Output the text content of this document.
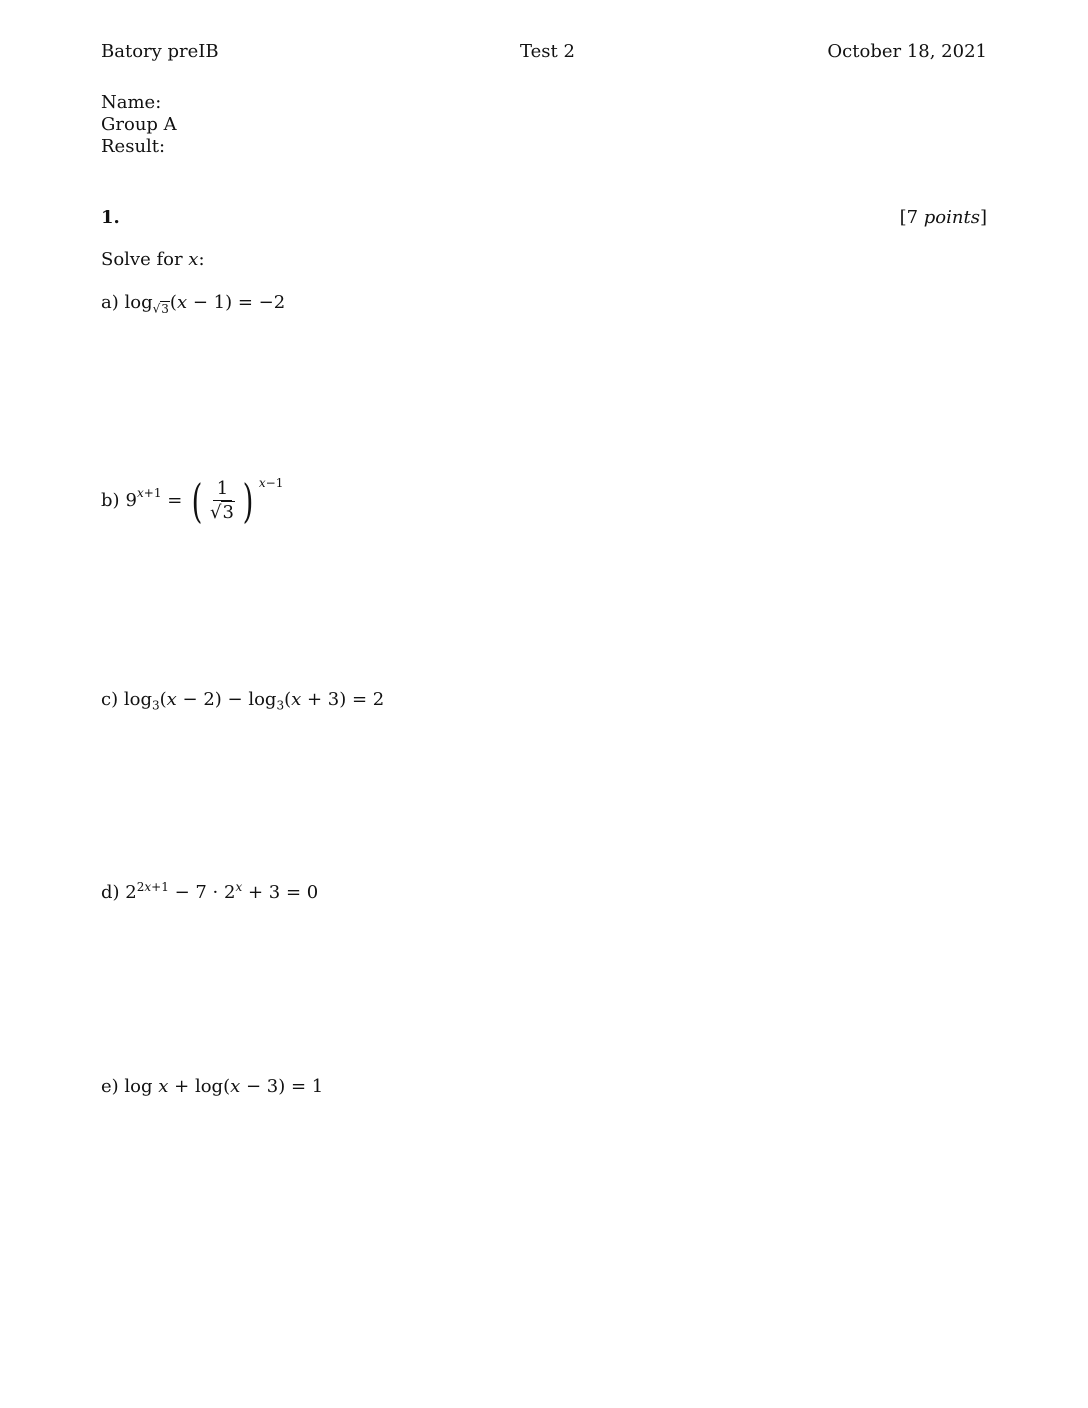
Batory preIB	Test 2	October 18, 2021
Name:
Group A
Result:
1.	[7 points]
Solve for x:
a) $\log_{√3}(x - 1) = -2$
b) 9 $^{x+1}$ = ( $\frac{1}{√3}$ ) x−1
c) $\log_3(x - 2) - \log_3(x + 3) = 2$
d) $2^{2x+1} - 7 \cdot 2^x + 3 = 0$
e) log x + log(x − 3) = 1
